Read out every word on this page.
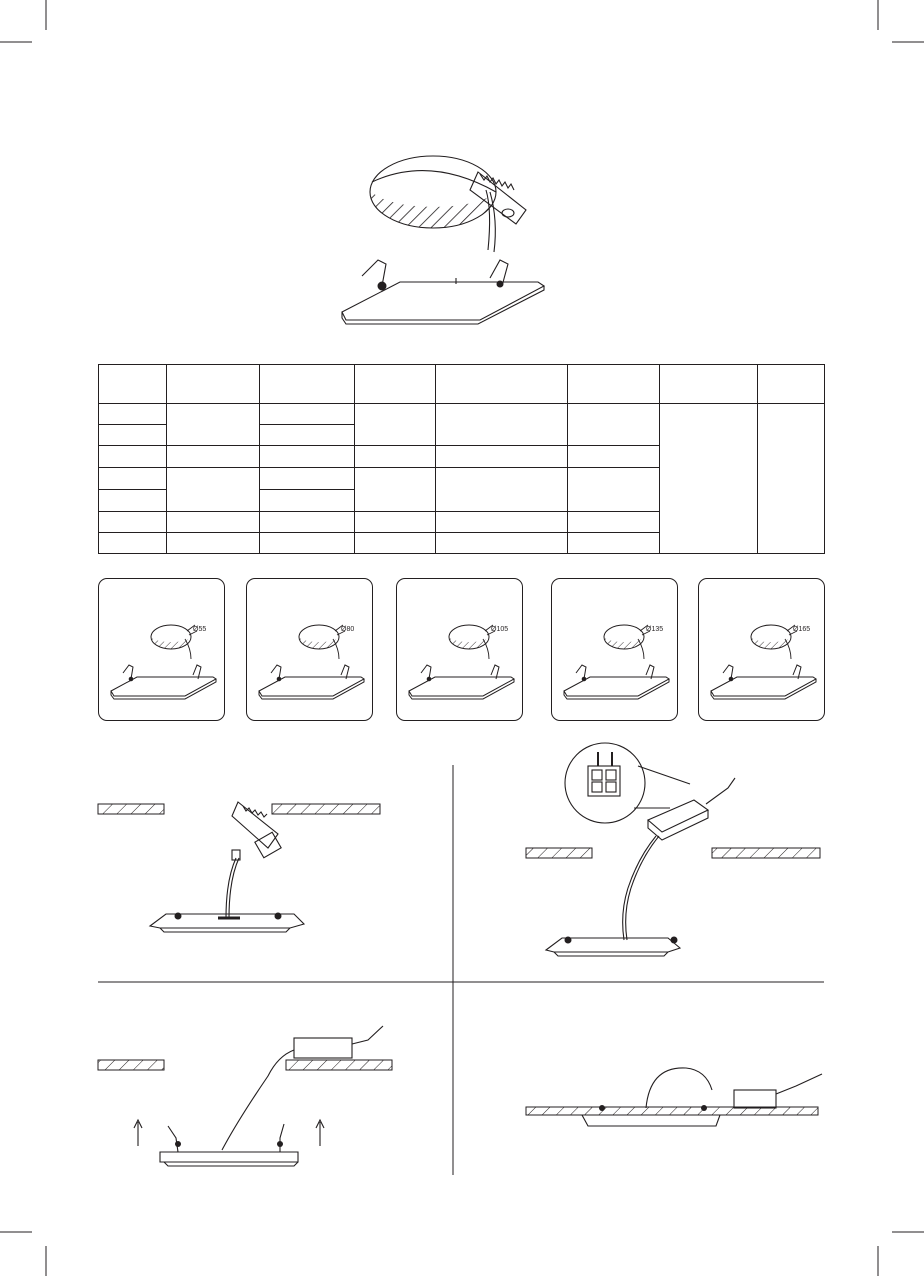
Ø55	Ø80	Ø105	Ø135	Ø165
